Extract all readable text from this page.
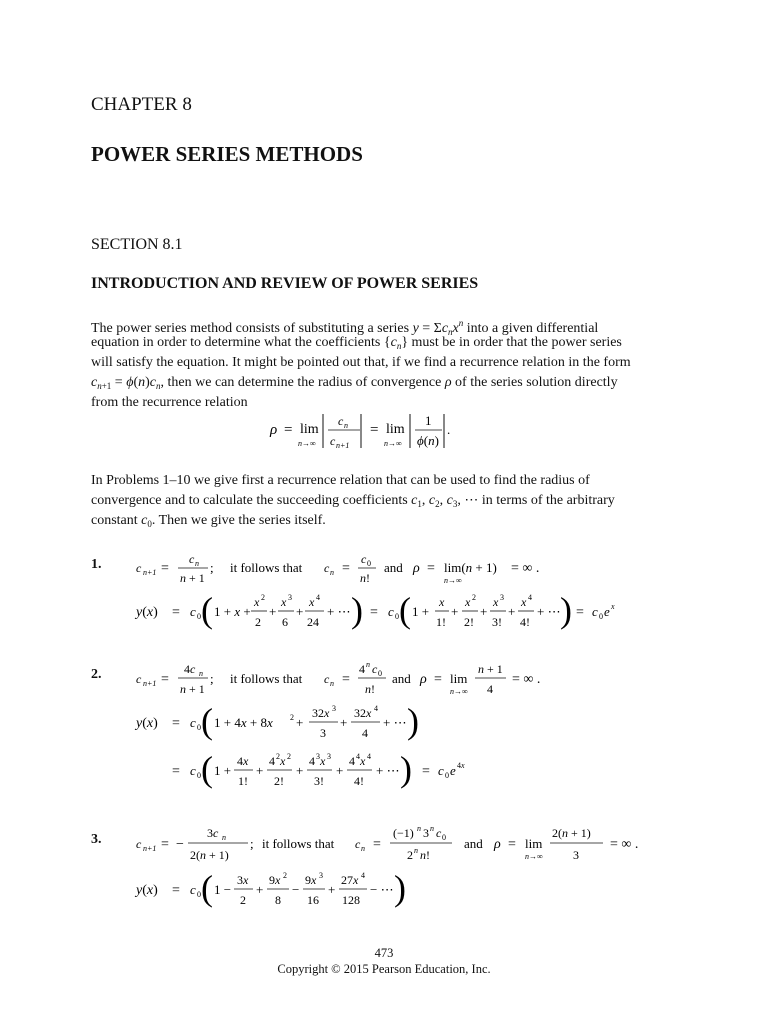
CHAPTER 8
POWER SERIES METHODS
SECTION 8.1
INTRODUCTION AND REVIEW OF POWER SERIES
The power series method consists of substituting a series $y = \Sigma c_nx^n$ into a given differential
equation in order to determine what the coefficients $\{c_n\}$ must be in order that the power series
will satisfy the equation. It might be pointed out that, if we find a recurrence relation in the form
$c_{n+1} = \phi(n)c_n$, then we can determine the radius of convergence ρ of the series solution directly
from the recurrence relation
ρ = lim
n→∞
c n
c n+1
= lim
n→∞
1
ϕ(n)
.
In Problems 1–10 we give first a recurrence relation that can be used to find the radius of
convergence and to calculate the succeeding coefficients $c_1$, $c_2$, $c_3$, ⋯ in terms of the arbitrary
constant $c_0$. Then we give the series itself.
1.	c n+1 =
c n
n + 1
; it follows that c n =
c 0
n!
and ρ = lim(n + 1)
n→∞
= ∞ .
y(x) = c 0 ( 1 + x +
x 2
2
+
x 3
6
+
x 4
24
+ ⋯ ) = c 0 ( 1 +
x
1!
+
x 2
2!
+
x 3
3!
+
x 4
4!
+ ⋯ ) = c 0 e x
2.	c n+1 =
4c n
n + 1
; it follows that c n =
4 n c 0
n!
and ρ = lim
n→∞
n + 1
4
= ∞ .
y(x) = c 0 ( 1 + 4x + 8x 2 +
32x 3
3
+
32x 4
4
+ ⋯ )
= c 0 ( 1 +
4x
1!
+
4 2 x 2
2!
+
4 3 x 3
3!
+
4 4 x 4
4!
+ ⋯ ) = c 0 e 4x
3.	c n+1 = −
3c n
2(n + 1)
; it follows that c n =
(−1) n 3 n c 0
2 n n!
and ρ = lim
n→∞
2(n + 1)
3
= ∞ .
y(x) = c 0 ( 1 −
3x
2
+
9x 2
8
−
9x 3
16
+
27x 4
128
− ⋯ )
473
Copyright © 2015 Pearson Education, Inc.
